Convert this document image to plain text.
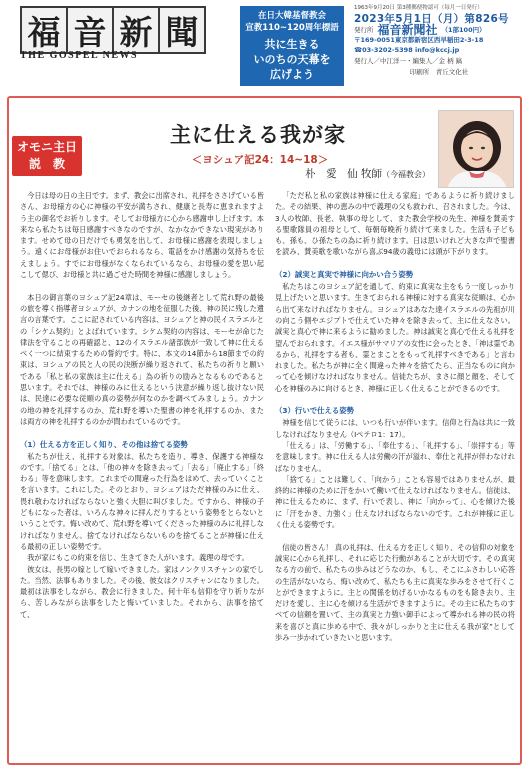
福 音 新 聞
THE GOSPEL NEWS
在日大韓基督教会
宣教110~120周年標語
共に生きる
いのちの天幕を
広げよう
1963年9月20日 第3種郵便物認可（毎月一日発行）
2023年5月1日（月）第826号
発行所 福音新聞社 （1部100円）
〒169-0051東京都新宿区西早稲田2-3-18
☎03-3202-5398 info@kccj.jp
発行人／中江洋一・編集人／金 柄 鎬
印刷所　青丘文化社
オモニ主日
説　教
主に仕える我が家
＜ヨシュア記24：14~18＞
朴　愛　仙 牧師（今福教会）

今日は母の日の主日です。まず、教会に出席され、礼拝をささげている皆さん、お母様方の心に神様の平安が満ちされ、健康と長寿に恵まれますよう主の御名でお祈りします。そしてお母様方に心から感謝申し上げます。本来なら私たちは毎日感謝すべきなのですが、なかなかできない現実があります。せめて母の日だけでも勇気を出して、お母様に感謝を表現しましょう。遠くにお母様がお住いでおられるなら、電話をかけ感謝の気持ちを伝えましょう。すでにお母様がなくなられているなら、お母様の愛を思い起こして偲び、お母様と共に過ごせた時間を神様に感謝しましょう。

本日の御言葉のヨシュア記24章は、モーセの後継者として荒れ野の最後の旅を導く指導者ヨシュアが、カナンの地を征服した後、神の民に残した遺言の言葉です。ここに記されている内容は、ヨシュアと神の民イスラエルとの「シケム契約」とよばれています。シケム契約の内容は、モーセが命じた律法を守ることの再確認と、12のイスラエル諸部族が一致して神に仕えるべく一つに結束するための誓約です。特に、本文の14節から18節までの約束は、ヨシュアの民と人の民の決断が繰り返されて、私たちの祈りと願いである「私と私の家族は主に仕える」為の祈りの励みとなるものであると思います。それでは、神様のみに仕えるという決意が繰り返し抜けない民は、民達に必要な従順の真の姿勢が何なのかを調べてみましょう。カナンの地の神を礼拝するのか、荒れ野を導いた聖書の神を礼拝するのか、または両方の神を礼拝するのかが問われているのです。

（1）仕える方を正しく知り、その他は捨てる姿勢

私たちが仕え、礼拝する対象は、私たちを造り、導き、保護する神様なのです。「捨てる」とは、「他の神々を除き去って」「去る」「廃止する」「終わる」等を意味します。これまでの間違った行為をはめて、去っていくことを言います。これにした。そのとおり、ヨシュアはただ神様のみに仕え、畏れ敬わなければならないと強く大胆に叫びました。ですから、神様の子どもになった者は、いろんな神々に拝んだりするという姿勢をとらないということです。悔い改めて、荒れ野を導いてくださった神様のみに礼拝しなければなりません。捨てなければならないものを捨てることが神様に仕える最初の正しい姿勢です。

我が家にもこの約束を信じ、生きてきた人がいます。義理の母です。

彼女は、長男の嫁として嫁いできました。家はノンクリスチャンの家でした。当然、法事もありました。その後、彼女はクリスチャンになりました。最初は法事をしながら、教会に行きました。何十年も信仰を守り祈りながら、苦しみながら法事をしたと悔いていました。それから、法事を捨てて、

「ただ私と私の家族は神様に仕える家庭」であるように祈り続けました。その結果、神の恵みの中で義理の父も救われ、召されました。今は、3人の牧師、長老、執事の母として、また教会学校の先生、神様を賛美する聖歌隊員の祖母として、毎朝毎晩祈り続けて来ました。生活も子どもも、孫も、ひ孫たちの為に祈り続けます。日は思いけれど大きな声で聖書を読み、賛美歌を歌いながら喜ぶ94歳の義母には頭が下がります。

（2）誠実と真実で神様に向かい合う姿勢

私たちはこのヨシュア記を通して、約束に真実な主をもう一度しっかり見上げたいと思います。生きておられる神様に対する真実な従順は、心から出て来なければなりません。ヨシュアはあなた達イスラエルの先祖が川の向こう側やエジプトで仕えていた神々を除き去って、主に仕えなさい。誠実と真心で神に来るように勧めました。神は誠実と真心で仕える礼拝を望んでおられます。イエス様がサマリアの女性に会ったとき、「神は霊であるから、礼拝をする者も、霊とまことをもって礼拝すべきである」と言われました。私たちが神に全く間違った神々を捨てたら、正当なものに向かって心を傾けなければなりません。信徒たちが、まさに顔と顔を、そして心を神様のみに向けるとき、神様に正しく仕えることができるのです。

（3）行いで仕える姿勢

神様を信じて従うには、いつも行いが伴います。信仰と行為は共に一致しなければなりません（Ⅰペテロ1：17）。

「仕える」は、「労働する」、「奉仕する」、「礼拝する」、「崇拝する」等を意味します。神に仕える人は労働の汗が溢れ、奉仕と礼拝が伴わなければなりません。

「捨てる」ことは難しく、「向かう」ことも容易ではありませんが、最終的に神様のために汗をかいて働いて仕えなければなりません。信徒は、神に仕えるために、まず、行いで表し、神に「向かって」、心を傾けた後に「汗をかき、力強く」仕えなければならないのです。これが神様に正しく仕える姿勢です。

信徒の皆さん！ 真の礼拝は、仕える方を正しく知り、その信仰の対象を誠実に心から礼拝し、それに応じた行動があることが大切です。その真実なる方の前で、私たちの歩みはどうなのか、もし、そこにふさわしい応答の生活がないなら、悔い改めて、私たちも主に真実な歩みをさせて行くことができますように。主との関係を妨げるいかなるものをも除き去り、主だけを愛し、主に心を傾ける生活ができますように。その主に私たちのすべての信頼を置いて、主の真実と力強い御手によって導かれる神の民の将来を喜びと真に歩める中で、我々がしっかりと主に仕える我が家”として歩み一歩かれていきたいと思います。
